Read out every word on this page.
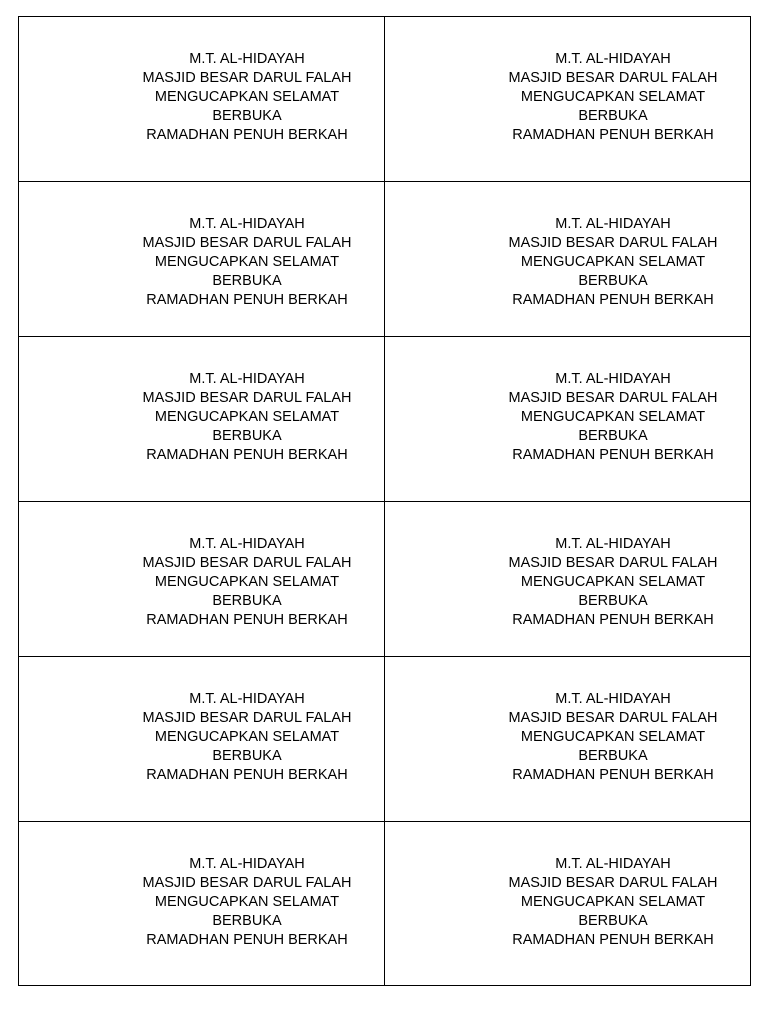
M.T. AL-HIDAYAH
MASJID BESAR DARUL FALAH
MENGUCAPKAN SELAMAT
BERBUKA
RAMADHAN PENUH BERKAH
M.T. AL-HIDAYAH
MASJID BESAR DARUL FALAH
MENGUCAPKAN SELAMAT
BERBUKA
RAMADHAN PENUH BERKAH
M.T. AL-HIDAYAH
MASJID BESAR DARUL FALAH
MENGUCAPKAN SELAMAT
BERBUKA
RAMADHAN PENUH BERKAH
M.T. AL-HIDAYAH
MASJID BESAR DARUL FALAH
MENGUCAPKAN SELAMAT
BERBUKA
RAMADHAN PENUH BERKAH
M.T. AL-HIDAYAH
MASJID BESAR DARUL FALAH
MENGUCAPKAN SELAMAT
BERBUKA
RAMADHAN PENUH BERKAH
M.T. AL-HIDAYAH
MASJID BESAR DARUL FALAH
MENGUCAPKAN SELAMAT
BERBUKA
RAMADHAN PENUH BERKAH
M.T. AL-HIDAYAH
MASJID BESAR DARUL FALAH
MENGUCAPKAN SELAMAT
BERBUKA
RAMADHAN PENUH BERKAH
M.T. AL-HIDAYAH
MASJID BESAR DARUL FALAH
MENGUCAPKAN SELAMAT
BERBUKA
RAMADHAN PENUH BERKAH
M.T. AL-HIDAYAH
MASJID BESAR DARUL FALAH
MENGUCAPKAN SELAMAT
BERBUKA
RAMADHAN PENUH BERKAH
M.T. AL-HIDAYAH
MASJID BESAR DARUL FALAH
MENGUCAPKAN SELAMAT
BERBUKA
RAMADHAN PENUH BERKAH
M.T. AL-HIDAYAH
MASJID BESAR DARUL FALAH
MENGUCAPKAN SELAMAT
BERBUKA
RAMADHAN PENUH BERKAH
M.T. AL-HIDAYAH
MASJID BESAR DARUL FALAH
MENGUCAPKAN SELAMAT
BERBUKA
RAMADHAN PENUH BERKAH
